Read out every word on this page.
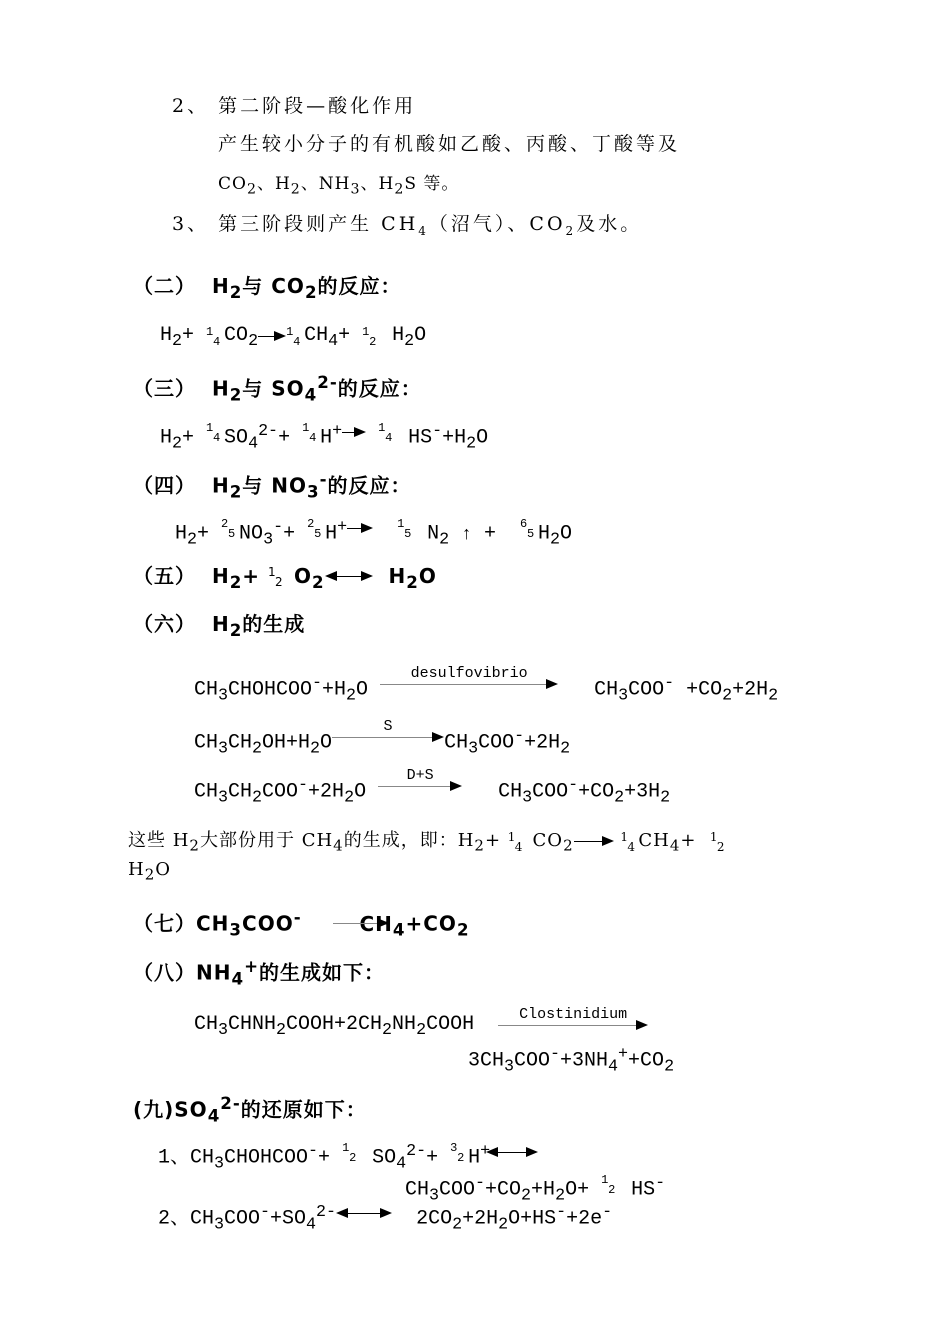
2、 第二阶段—酸化作用
产生较小分子的有机酸如乙酸、丙酸、丁酸等及
$CO_2$、$H_2$、$NH_3$、$H_2S$ 等。
3、 第三阶段则产生 $CH_4$（沼气）、$CO_2$及水。
（二） $H_2$与 $CO_2$的反应：
$H_2+ 1$
4 $CO_2$ 1
4 $CH_4+ 1$
2 $H_2O$
（三） $H_2$与 $SO_4^{2-}$的反应：
$H_2+ 1$
4 $SO_4^{2-}+ 1$
4 H+
	1
4 $HS^-+H_2O$
（四） $H_2$与 $NO_3^-$的反应：
$H_2+ 2$
5 $NO_3^-+ 2$
5 H+
	1
5 $N_2$ ↑ + 6
5 $H_2O$
（五） $H_2+ 1$
2 $O_2$	$H_2O$
（六） $H_2$的生成
$CH_3CHOHCOO^-+H_2O$
desulfovibrio
$CH_3COO^- +CO_2+2H_2$
$CH_3CH_2OH+H_2O$
S
$CH_3COO^-+2H_2$
$CH_3CH_2COO^-+2H_2O$
D+S
$CH_3COO^-+CO_2+3H_2$
这些 $H_2$大部份用于 $CH_4$的生成，即：$H_2+ 1$
4 $CO_2$
	1
4 $CH_4+ 1$
2
$H_2O$
（七）$CH_3COO^-$	$CH_4+CO_2$
（八）$NH_4^+$的生成如下：
$CH_3CHNH_2COOH+2CH_2NH_2COOH$	Clostinidium
$3CH_3COO^-+3NH_4^++CO_2$
(九)$SO_4^{2-}$的还原如下：
1、$CH_3CHOHCOO^-+ 1$
2 $SO_4^{2-}+ 3$
2 H+
$CH_3COO^-+CO_2+H_2O+ 1$
2 HS-
2、$CH_3COO^-+SO_4^{2-}$	$2CO_2+2H_2O+HS^-+2e^-$
